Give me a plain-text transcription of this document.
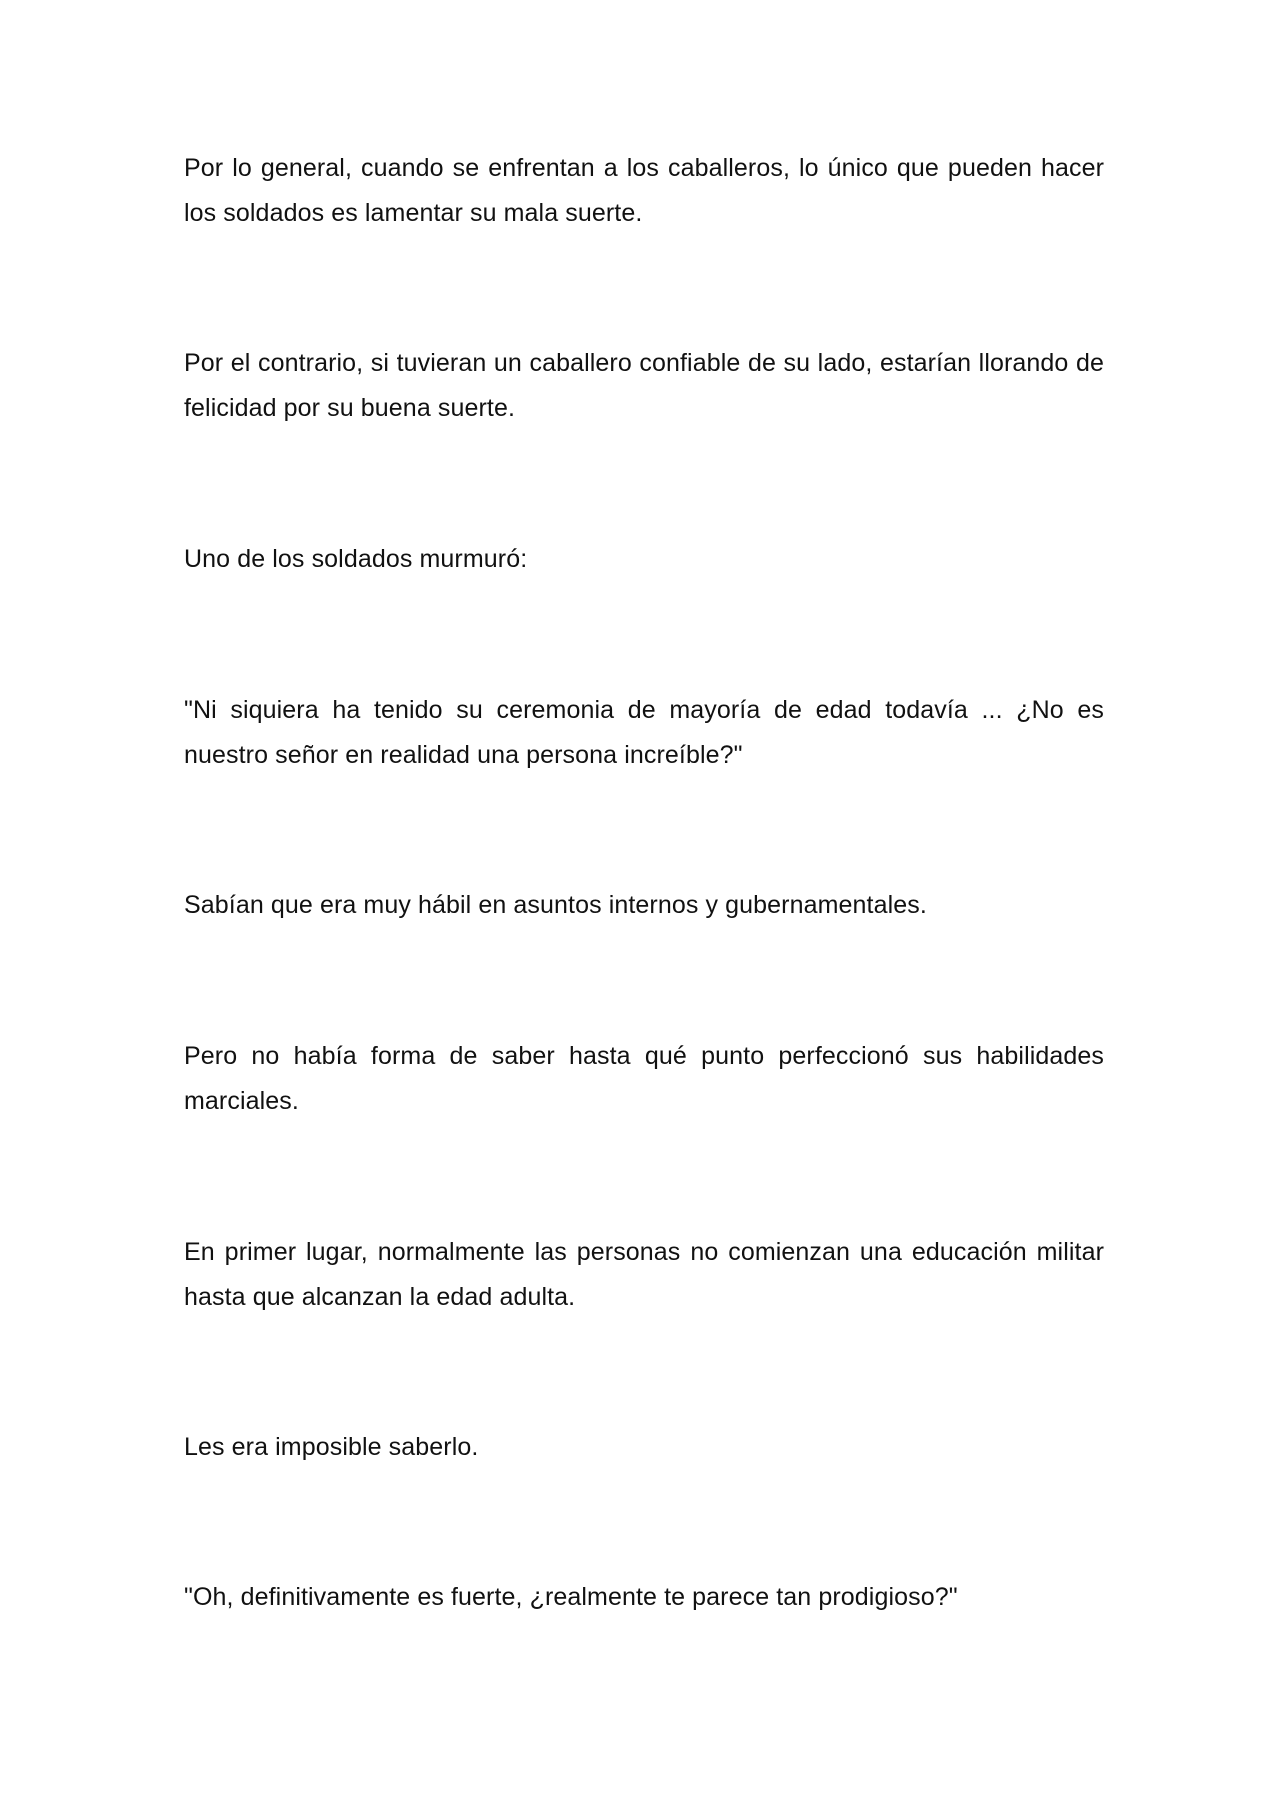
Por lo general, cuando se enfrentan a los caballeros, lo único que pueden hacer los soldados es lamentar su mala suerte.

Por el contrario, si tuvieran un caballero confiable de su lado, estarían llorando de felicidad por su buena suerte.

Uno de los soldados murmuró:

"Ni siquiera ha tenido su ceremonia de mayoría de edad todavía ... ¿No es nuestro señor en realidad una persona increíble?"

Sabían que era muy hábil en asuntos internos y gubernamentales.

Pero no había forma de saber hasta qué punto perfeccionó sus habilidades marciales.

En primer lugar, normalmente las personas no comienzan una educación militar hasta que alcanzan la edad adulta.

Les era imposible saberlo.

"Oh, definitivamente es fuerte, ¿realmente te parece tan prodigioso?"
